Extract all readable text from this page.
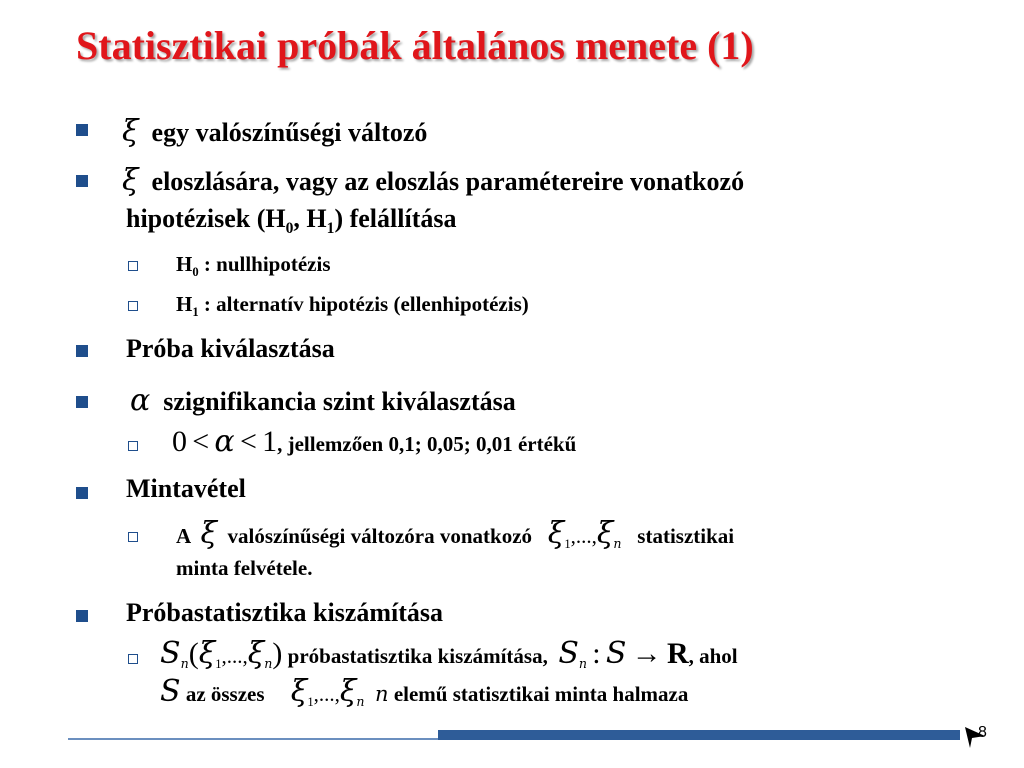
Statisztikai próbák általános menete (1)
ξ egy valószínűségi változó
ξ eloszlására, vagy az eloszlás paramétereire vonatkozó
hipotézisek ($H_0$, $H_1$) felállítása
$H_0$ : nullhipotézis
$H_1$ : alternatív hipotézis (ellenhipotézis)
Próba kiválasztása
α szignifikancia szint kiválasztása
0 < α < 1, jellemzően 0,1; 0,05; 0,01 értékű
Mintavétel
A ξ valószínűségi változóra vonatkozó $\xi_1,...,\xi_n$ statisztikai
minta felvétele.
Próbastatisztika kiszámítása
$S_n(\xi_1,...,\xi_n)$ próbastatisztika kiszámítása, $S_n$ : S → R, ahol
S az összes $\xi_1,...,\xi_n$ n elemű statisztikai minta halmaza
8
